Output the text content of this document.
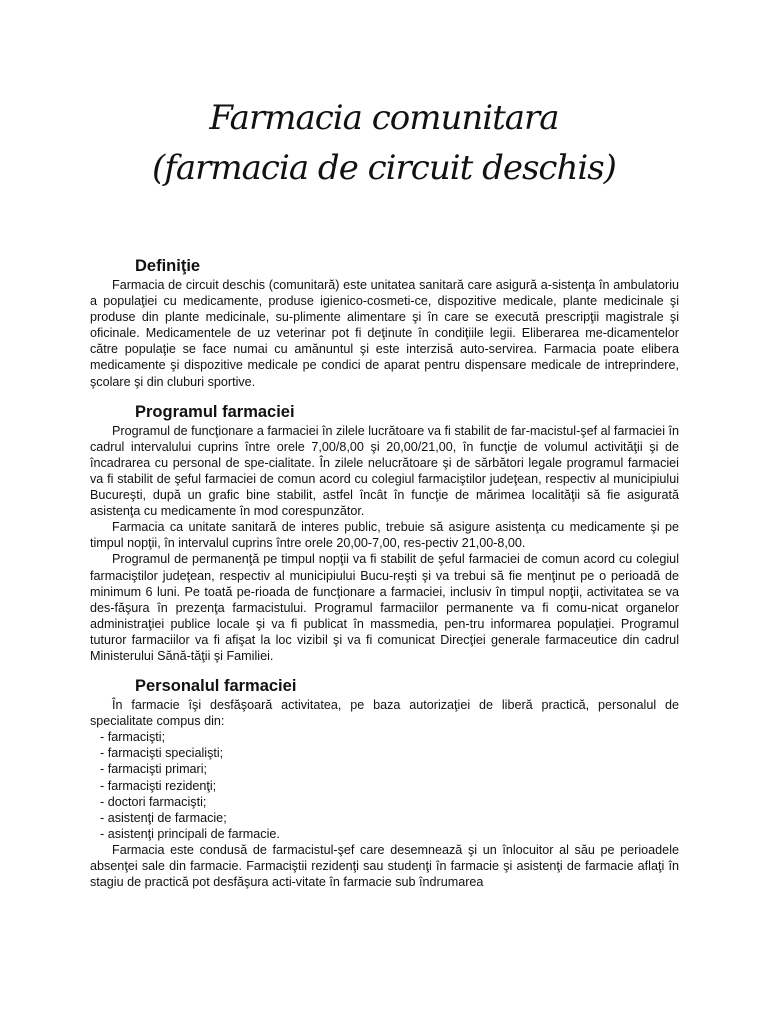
Farmacia comunitara
(farmacia de circuit deschis)
Definiţie

Farmacia de circuit deschis (comunitară) este unitatea sanitară care asigură a-sistenţa în ambulatoriu a populaţiei cu medicamente, produse igienico-cosmeti-ce, dispozitive medicale, plante medicinale şi produse din plante medicinale, su-plimente alimentare şi în care se execută prescripţii magistrale şi oficinale. Medicamentele de uz veterinar pot fi deţinute în condiţiile legii. Eliberarea me-dicamentelor către populaţie se face numai cu amănuntul şi este interzisă auto-servirea. Farmacia poate elibera medicamente şi dispozitive medicale pe condici de aparat pentru dispensare medicale de intreprindere, şcolare şi din cluburi sportive.

Programul farmaciei

Programul de funcţionare a farmaciei în zilele lucrătoare va fi stabilit de far-macistul-şef al farmaciei în cadrul intervalului cuprins între orele 7,00/8,00 şi 20,00/21,00, în funcţie de volumul activităţii şi de încadrarea cu personal de spe-cialitate. În zilele nelucrătoare şi de sărbători legale programul farmaciei va fi stabilit de şeful farmaciei de comun acord cu colegiul farmaciştilor judeţean, respectiv al municipiului Bucureşti, după un grafic bine stabilit, astfel încât în funcţie de mărimea localităţii să fie asigurată asistenţa cu medicamente în mod corespunzător.

Farmacia ca unitate sanitară de interes public, trebuie să asigure asistenţa cu medicamente şi pe timpul nopţii, în intervalul cuprins între orele 20,00-7,00, res-pectiv 21,00-8,00.

Programul de permanenţă pe timpul nopţii va fi stabilit de şeful farmaciei de comun acord cu colegiul farmaciştilor judeţean, respectiv al municipiului Bucu-reşti şi va trebui să fie menţinut pe o perioadă de minimum 6 luni. Pe toată pe-rioada de funcţionare a farmaciei, inclusiv în timpul nopţii, activitatea se va des-făşura în prezenţa farmacistului. Programul farmaciilor permanente va fi comu-nicat organelor administraţiei publice locale şi va fi publicat în massmedia, pen-tru informarea populaţiei. Programul tuturor farmaciilor va fi afişat la loc vizibil şi va fi comunicat Direcţiei generale farmaceutice din cadrul Ministerului Sănă-tăţii şi Familiei.

Personalul farmaciei

În farmacie îşi desfăşoară activitatea, pe baza autorizaţiei de liberă practică, personalul de specialitate compus din:

- farmacişti;
- farmacişti specialişti;
- farmacişti primari;
- farmacişti rezidenţi;
- doctori farmacişti;
- asistenţi de farmacie;
- asistenţi principali de farmacie.

Farmacia este condusă de farmacistul-şef care desemnează şi un înlocuitor al său pe perioadele absenţei sale din farmacie. Farmaciştii rezidenţi sau studenţi în farmacie şi asistenţi de farmacie aflaţi în stagiu de practică pot desfăşura acti-vitate în farmacie sub îndrumarea
